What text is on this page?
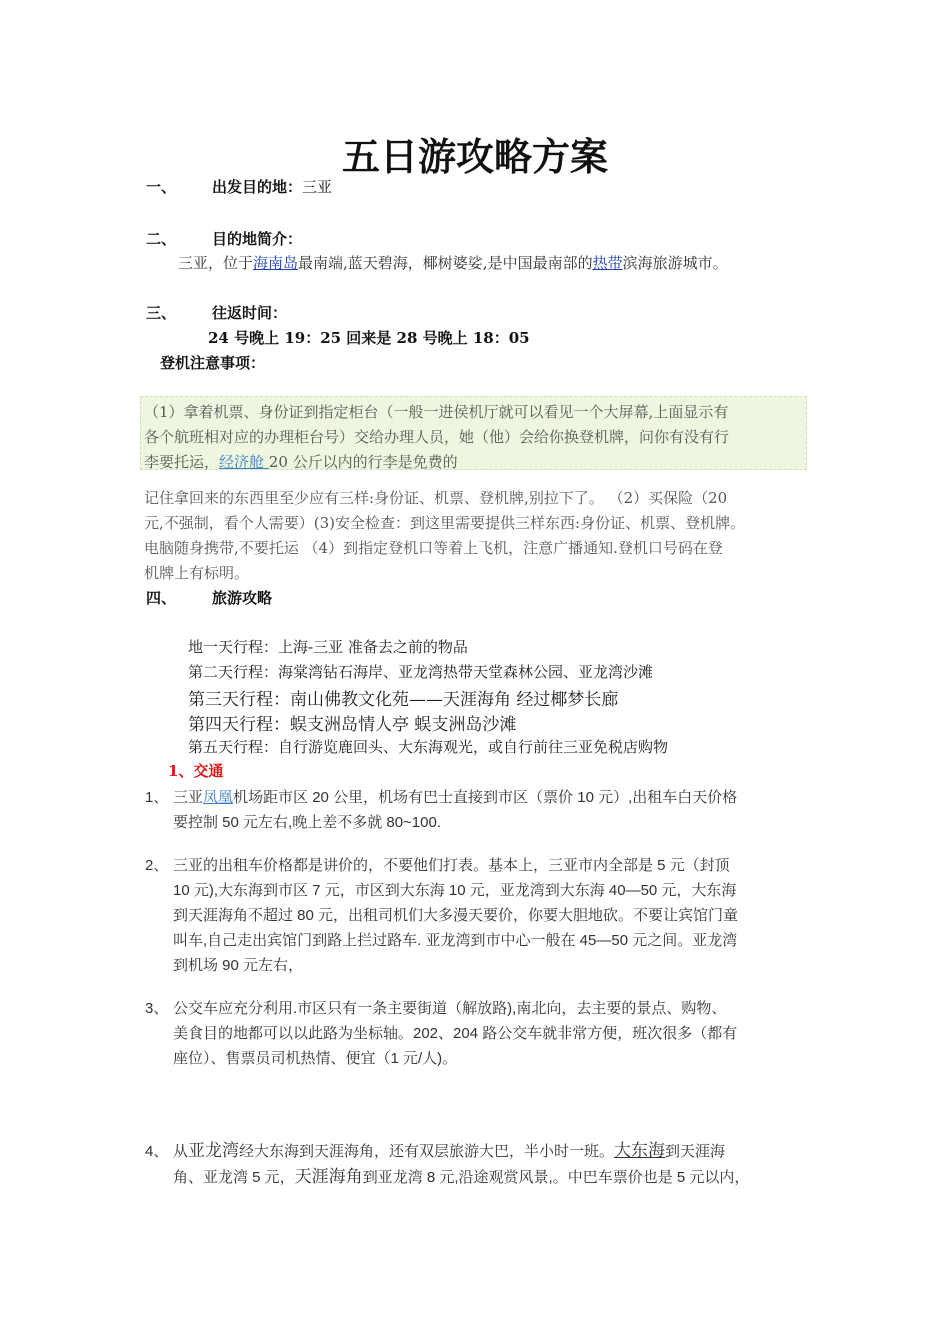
五日游攻略方案
一、 出发目的地：三亚
二、 目的地简介：
三亚，位于海南岛最南端,蓝天碧海，椰树婆娑,是中国最南部的热带滨海旅游城市。
三、 往返时间：
24 号晚上 19：25 回来是 28 号晚上 18：05
登机注意事项：
（1）拿着机票、身份证到指定柜台（一般一进侯机厅就可以看见一个大屏幕,上面显示有
各个航班相对应的办理柜台号）交给办理人员，她（他）会给你换登机牌，问你有没有行
李要托运，经济舱 20 公斤以内的行李是免费的
记住拿回来的东西里至少应有三样:身份证、机票、登机牌,别拉下了。 （2）买保险（20
元,不强制，看个人需要）(3)安全检查：到这里需要提供三样东西:身份证、机票、登机牌。
电脑随身携带,不要托运 （4）到指定登机口等着上飞机，注意广播通知.登机口号码在登
机牌上有标明。
四、 旅游攻略
地一天行程：上海-三亚 准备去之前的物品
第二天行程：海棠湾钻石海岸、亚龙湾热带天堂森林公园、亚龙湾沙滩
第三天行程：南山佛教文化苑——天涯海角 经过椰梦长廊
第四天行程：蜈支洲岛情人亭 蜈支洲岛沙滩
第五天行程：自行游览鹿回头、大东海观光，或自行前往三亚免税店购物
1、交通
1、 三亚凤凰机场距市区 20 公里，机场有巴士直接到市区（票价 10 元）,出租车白天价格
要控制 50 元左右,晚上差不多就 80~100.
2、 三亚的出租车价格都是讲价的，不要他们打表。基本上，三亚市内全部是 5 元（封顶
10 元),大东海到市区 7 元，市区到大东海 10 元，亚龙湾到大东海 40—50 元，大东海
到天涯海角不超过 80 元，出租司机们大多漫天要价，你要大胆地砍。不要让宾馆门童
叫车,自己走出宾馆门到路上拦过路车. 亚龙湾到市中心一般在 45—50 元之间。亚龙湾
到机场 90 元左右，
3、 公交车应充分利用.市区只有一条主要街道（解放路),南北向，去主要的景点、购物、
美食目的地都可以以此路为坐标轴。202、204 路公交车就非常方便，班次很多（都有
座位）、售票员司机热情、便宜（1 元/人)。
4、 从亚龙湾经大东海到天涯海角，还有双层旅游大巴，半小时一班。大东海到天涯海
角、亚龙湾 5 元，天涯海角到亚龙湾 8 元,沿途观赏风景,。中巴车票价也是 5 元以内，
